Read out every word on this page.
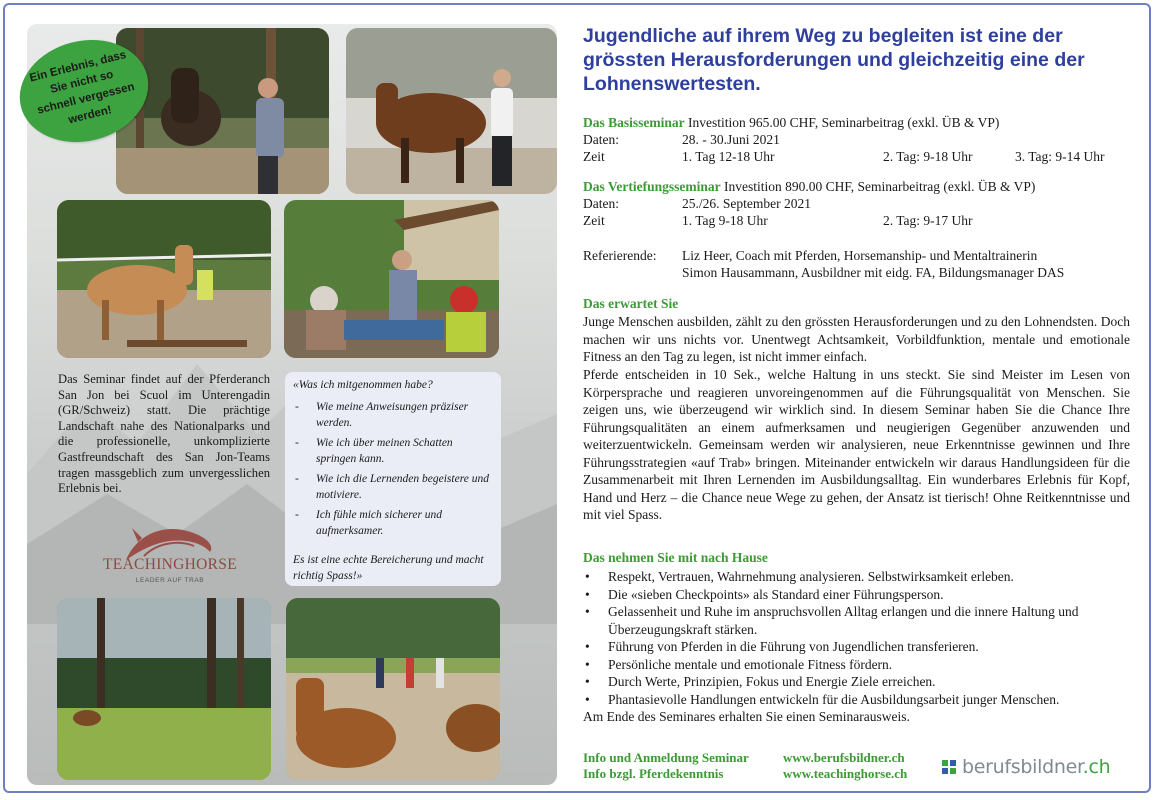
Ein Erlebnis, dass Sie nicht so schnell vergessen werden!
Das Seminar findet auf der Pferderanch San Jon bei Scuol im Unterengadin (GR/Schweiz) statt. Die prächtige Landschaft nahe des Nationalparks und die professionelle, unkomplizierte Gastfreundschaft des San Jon-Teams tragen massgeblich zum unvergesslichen Erlebnis bei.
«Was ich mitgenommen habe?
- Wie meine Anweisungen präziser werden.
- Wie ich über meinen Schatten springen kann.
- Wie ich die Lernenden begeistere und motiviere.
- Ich fühle mich sicherer und aufmerksamer.
Es ist eine echte Bereicherung und macht richtig Spass!»
TEACHINGHORSE
LEADER AUF TRAB
Jugendliche auf ihrem Weg zu begleiten ist eine der grössten Herausforderungen und gleichzeitig eine der Lohnenswertesten.
Das Basisseminar Investition 965.00 CHF, Seminarbeitrag (exkl. ÜB & VP)
Daten:	28. - 30.Juni 2021
Zeit	1. Tag 12-18 Uhr	2. Tag: 9-18 Uhr	3. Tag: 9-14 Uhr
Das Vertiefungsseminar Investition 890.00 CHF, Seminarbeitrag (exkl. ÜB & VP)
Daten:	25./26. September 2021
Zeit	1. Tag 9-18 Uhr	2. Tag: 9-17 Uhr
Referierende: Liz Heer, Coach mit Pferden, Horsemanship- und Mentaltrainerin
Simon Hausammann, Ausbildner mit eidg. FA, Bildungsmanager DAS
Das erwartet Sie
Junge Menschen ausbilden, zählt zu den grössten Herausforderungen und zu den Lohnendsten. Doch machen wir uns nichts vor. Unentwegt Achtsamkeit, Vorbildfunktion, mentale und emotionale Fitness an den Tag zu legen, ist nicht immer einfach.
Pferde entscheiden in 10 Sek., welche Haltung in uns steckt. Sie sind Meister im Lesen von Körpersprache und reagieren unvoreingenommen auf die Führungsqualität von Menschen. Sie zeigen uns, wie überzeugend wir wirklich sind. In diesem Seminar haben Sie die Chance Ihre Führungsqualitäten an einem aufmerksamen und neugierigen Gegenüber anzuwenden und weiterzuentwickeln. Gemeinsam werden wir analysieren, neue Erkenntnisse gewinnen und Ihre Führungsstrategien «auf Trab» bringen. Miteinander entwickeln wir daraus Handlungsideen für die Zusammenarbeit mit Ihren Lernenden im Ausbildungsalltag. Ein wunderbares Erlebnis für Kopf, Hand und Herz – die Chance neue Wege zu gehen, der Ansatz ist tierisch! Ohne Reitkenntnisse und mit viel Spass.
Das nehmen Sie mit nach Hause
• Respekt, Vertrauen, Wahrnehmung analysieren. Selbstwirksamkeit erleben.
• Die «sieben Checkpoints» als Standard einer Führungsperson.
• Gelassenheit und Ruhe im anspruchsvollen Alltag erlangen und die innere Haltung und Überzeugungskraft stärken.
• Führung von Pferden in die Führung von Jugendlichen transferieren.
• Persönliche mentale und emotionale Fitness fördern.
• Durch Werte, Prinzipien, Fokus und Energie Ziele erreichen.
• Phantasievolle Handlungen entwickeln für die Ausbildungsarbeit junger Menschen.
Am Ende des Seminares erhalten Sie einen Seminarausweis.
Info und Anmeldung Seminar	www.berufsbildner.ch
Info bzgl. Pferdekenntnis	www.teachinghorse.ch	berufsbildner.ch
